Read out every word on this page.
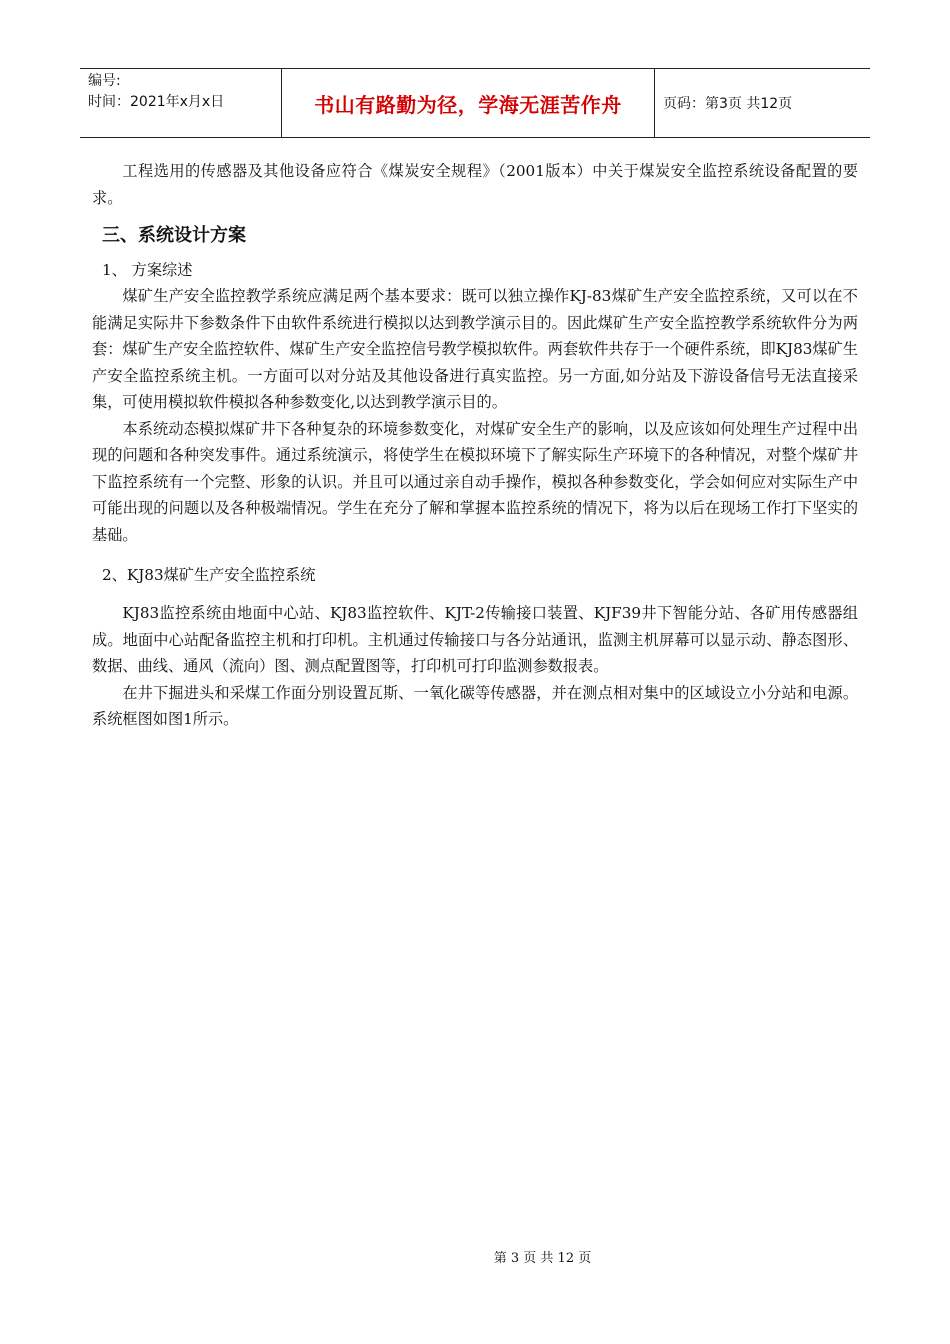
编号:
时间：2021年x月x日	书山有路勤为径，学海无涯苦作舟	页码：第3页 共12页

工程选用的传感器及其他设备应符合《煤炭安全规程》（2001版本）中关于煤炭安全监控系统设备配置的要求。

三、系统设计方案
1、 方案综述

煤矿生产安全监控教学系统应满足两个基本要求：既可以独立操作KJ-83煤矿生产安全监控系统，又可以在不能满足实际井下参数条件下由软件系统进行模拟以达到教学演示目的。因此煤矿生产安全监控教学系统软件分为两套：煤矿生产安全监控软件、煤矿生产安全监控信号教学模拟软件。两套软件共存于一个硬件系统，即KJ83煤矿生产安全监控系统主机。一方面可以对分站及其他设备进行真实监控。另一方面,如分站及下游设备信号无法直接采集，可使用模拟软件模拟各种参数变化,以达到教学演示目的。

本系统动态模拟煤矿井下各种复杂的环境参数变化，对煤矿安全生产的影响，以及应该如何处理生产过程中出现的问题和各种突发事件。通过系统演示，将使学生在模拟环境下了解实际生产环境下的各种情况，对整个煤矿井下监控系统有一个完整、形象的认识。并且可以通过亲自动手操作，模拟各种参数变化，学会如何应对实际生产中可能出现的问题以及各种极端情况。学生在充分了解和掌握本监控系统的情况下，将为以后在现场工作打下坚实的基础。

2、KJ83煤矿生产安全监控系统

KJ83监控系统由地面中心站、KJ83监控软件、KJT-2传输接口装置、KJF39井下智能分站、各矿用传感器组成。地面中心站配备监控主机和打印机。主机通过传输接口与各分站通讯，监测主机屏幕可以显示动、静态图形、数据、曲线、通风（流向）图、测点配置图等，打印机可打印监测参数报表。

在井下掘进头和采煤工作面分别设置瓦斯、一氧化碳等传感器，并在测点相对集中的区域设立小分站和电源。系统框图如图1所示。

第 3 页 共 12 页
